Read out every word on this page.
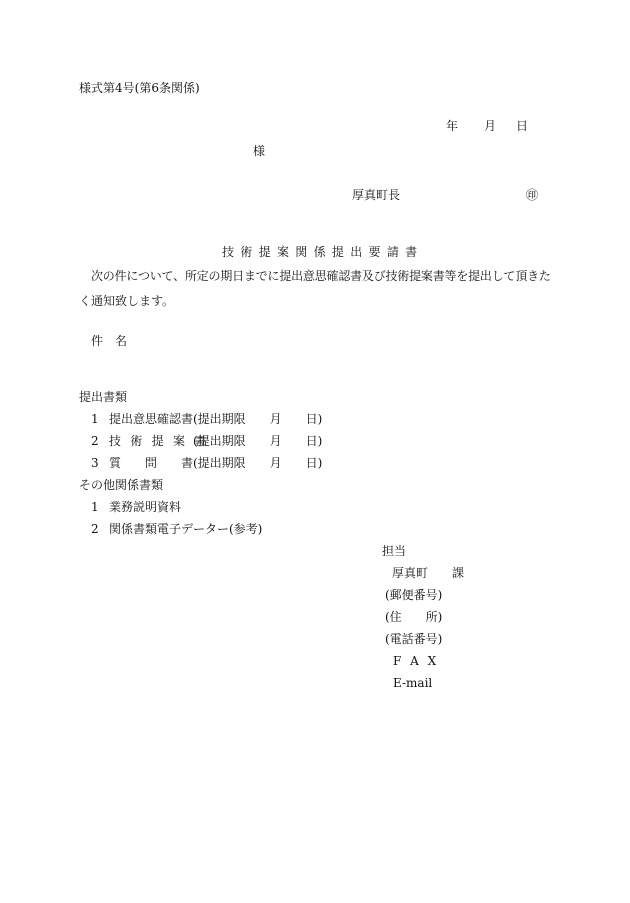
様式第4号(第6条関係)
年 月 日
様
厚真町長	㊞
技 術 提 案 関 係 提 出 要 請 書
次の件について、所定の期日までに提出意思確認書及び技術提案書等を提出して頂きた
く通知致します。
件　名
提出書類
1 提出意思確認書 (提出期限　　月　　日)
2 技 術 提 案 書
(提出期限　　月　　日)
3 質　　問　　書 (提出期限　　月　　日)
その他関係書類
1 業務説明資料
2 関係書類電子データー(参考)
担当
厚真町 課
(郵便番号)
(住　　所)
(電話番号)
F A X
E-mail
